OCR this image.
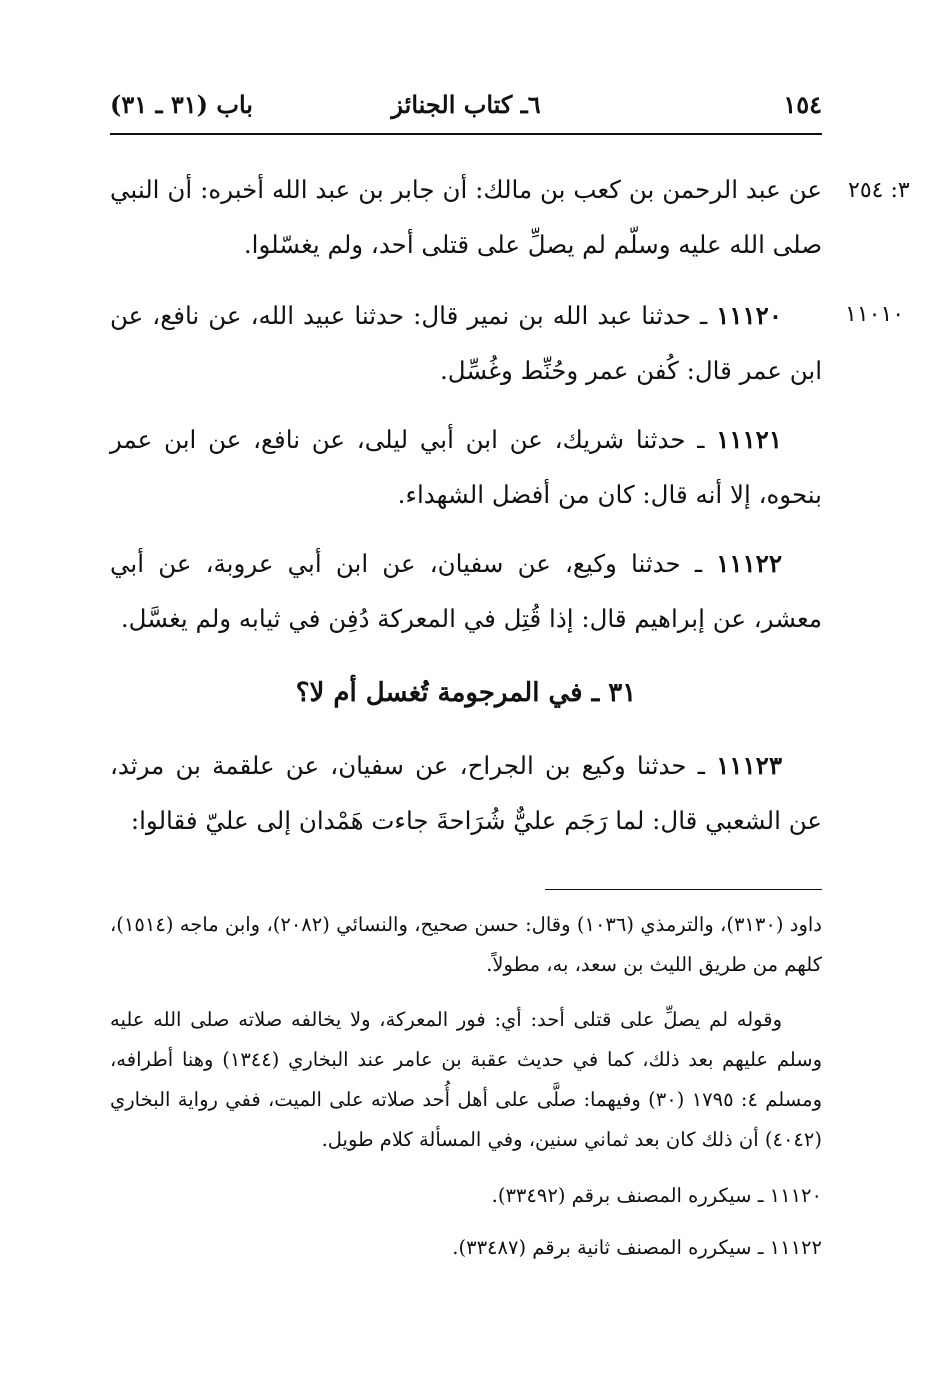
١٥٤
٦ـ كتاب الجنائز
باب (٣١ ـ ٣١)
٣: ٢٥٤
١١٠١٠
عن عبد الرحمن بن كعب بن مالك: أن جابر بن عبد الله أخبره: أن النبي صلى الله عليه وسلّم لم يصلِّ على قتلى أحد، ولم يغسّلوا.
١١١٢٠ ـ حدثنا عبد الله بن نمير قال: حدثنا عبيد الله، عن نافع، عن ابن عمر قال: كُفن عمر وحُنِّط وغُسِّل.
١١١٢١ ـ حدثنا شريك، عن ابن أبي ليلى، عن نافع، عن ابن عمر بنحوه، إلا أنه قال: كان من أفضل الشهداء.
١١١٢٢ ـ حدثنا وكيع، عن سفيان، عن ابن أبي عروبة، عن أبي معشر، عن إبراهيم قال: إذا قُتِل في المعركة دُفِن في ثيابه ولم يغسَّل.
٣١ ـ في المرجومة تُغسل أم لا؟
١١١٢٣ ـ حدثنا وكيع بن الجراح، عن سفيان، عن علقمة بن مرثد، عن الشعبي قال: لما رَجَم عليٌّ شُرَاحةَ جاءت هَمْدان إلى عليّ فقالوا:
داود (٣١٣٠)، والترمذي (١٠٣٦) وقال: حسن صحيح، والنسائي (٢٠٨٢)، وابن ماجه (١٥١٤)، كلهم من طريق الليث بن سعد، به، مطولاً.
وقوله لم يصلِّ على قتلى أحد: أي: فور المعركة، ولا يخالفه صلاته صلى الله عليه وسلم عليهم بعد ذلك، كما في حديث عقبة بن عامر عند البخاري (١٣٤٤) وهنا أطرافه، ومسلم ٤: ١٧٩٥ (٣٠) وفيهما: صلَّى على أهل أُحد صلاته على الميت، ففي رواية البخاري (٤٠٤٢) أن ذلك كان بعد ثماني سنين، وفي المسألة كلام طويل.
١١١٢٠ ـ سيكرره المصنف برقم (٣٣٤٩٢).
١١١٢٢ ـ سيكرره المصنف ثانية برقم (٣٣٤٨٧).
